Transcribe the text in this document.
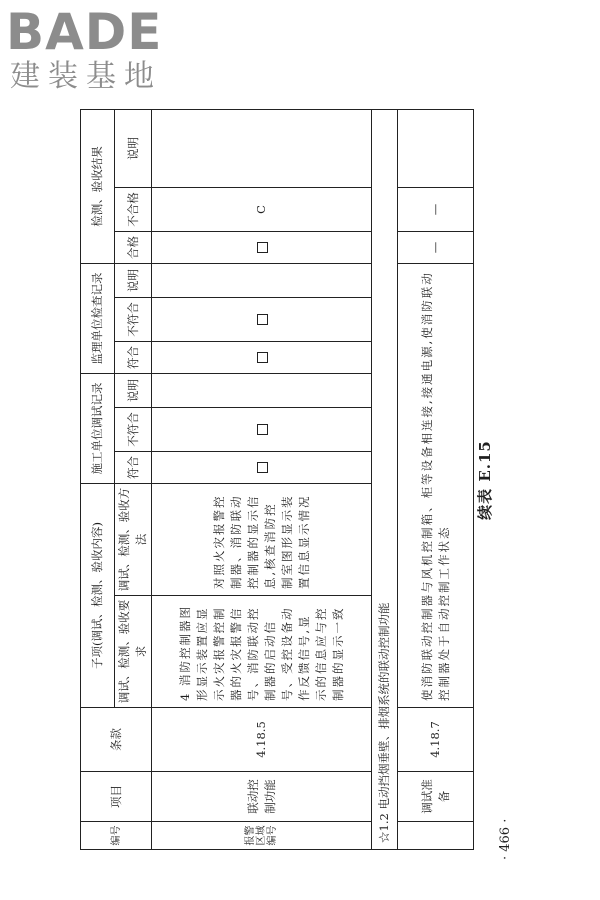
BADE
建装基地
编号	项目	条款	子项(调试、检测、验收内容)		施工单位调试记录			监理单位检查记录			检测、验收结果		

			调试、检测、验收要求	调试、检测、验收方法	符合	不符合	说明	符合	不符合	说明	合格	不合格	说明
报警区域编号	联动控制功能	4.18.5	4 消防控制器图形显示装置应显示火灾报警控制器的火灾报警信号、消防联动控制器的启动信号、受控设备动作反馈信号,显示的信息应与控制器的显示一致	对照火灾报警控制器、消防联动控制器的显示信息,核查消防控制室图形显示装置信息显示情况								C	
☆1.2 电动挡烟垂壁、排烟系统的联动控制功能													
	调试准备	4.18.7	使消防联动控制器与风机控制箱、柜等设备相连接,接通电源,使消防联动控制器处于自动控制工作状态								—	—	
续表 E.15
· 466 ·
